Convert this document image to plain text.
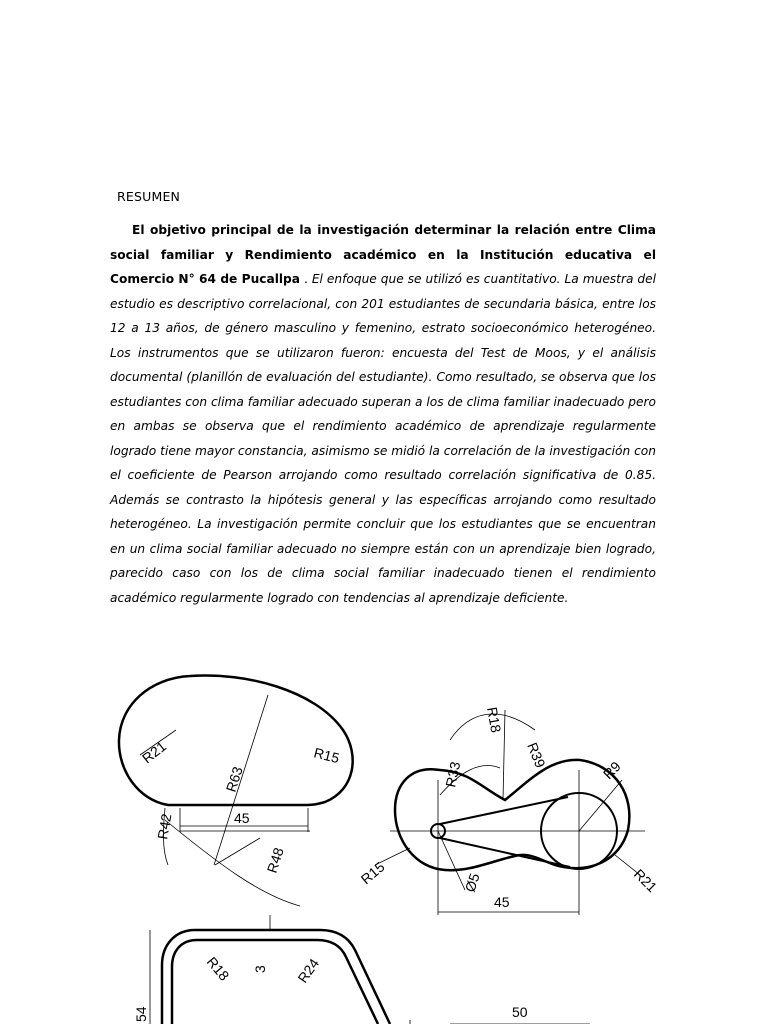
RESUMEN

El objetivo principal de la investigación determinar la relación entre Clima social familiar y Rendimiento académico en la Institución educativa el Comercio N° 64 de Pucallpa . El enfoque que se utilizó es cuantitativo. La muestra del estudio es descriptivo correlacional, con 201 estudiantes de secundaria básica, entre los 12 a 13 años, de género masculino y femenino, estrato socioeconómico heterogéneo. Los instrumentos que se utilizaron fueron: encuesta del Test de Moos, y el análisis documental (planillón de evaluación del estudiante). Como resultado, se observa que los estudiantes con clima familiar adecuado superan a los de clima familiar inadecuado pero en ambas se observa que el rendimiento académico de aprendizaje regularmente logrado tiene mayor constancia, asimismo se midió la correlación de la investigación con el coeficiente de Pearson arrojando como resultado correlación significativa de 0.85. Además se contrasto la hipótesis general y las específicas arrojando como resultado heterogéneo. La investigación permite concluir que los estudiantes que se encuentran en un clima social familiar adecuado no siempre están con un aprendizaje bien logrado, parecido caso con los de clima social familiar inadecuado tienen el rendimiento académico regularmente logrado con tendencias al aprendizaje deficiente.

R21
R63
R15
R42	45
R48
R18
R39
R33	R9
R15	Ø5	R21
45
R18 3 R24
54	50
